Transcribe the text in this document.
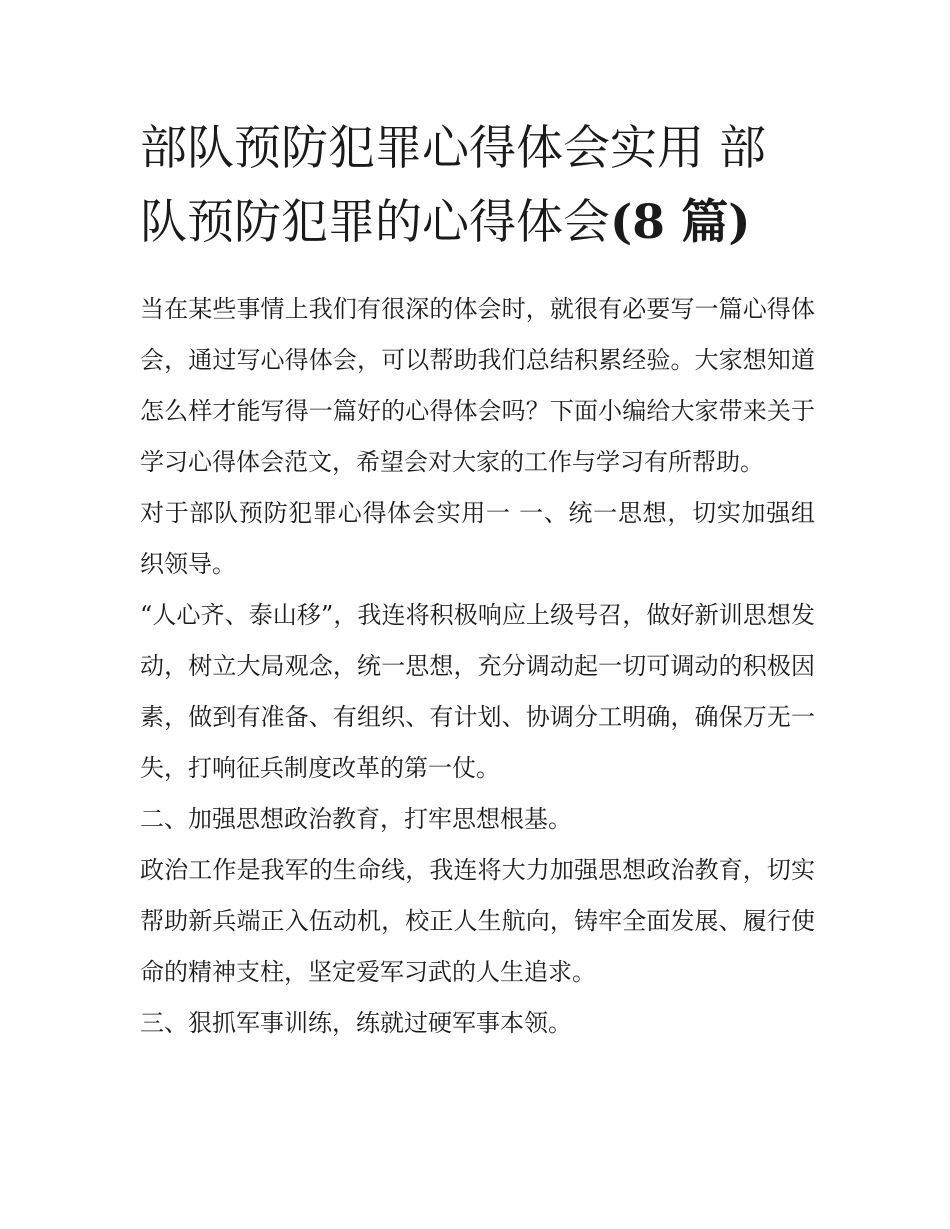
部队预防犯罪心得体会实用 部
队预防犯罪的心得体会(8 篇)

当在某些事情上我们有很深的体会时，就很有必要写一篇心得体会，通过写心得体会，可以帮助我们总结积累经验。大家想知道怎么样才能写得一篇好的心得体会吗？下面小编给大家带来关于学习心得体会范文，希望会对大家的工作与学习有所帮助。

对于部队预防犯罪心得体会实用一 一、统一思想，切实加强组织领导。

“人心齐、泰山移”，我连将积极响应上级号召，做好新训思想发动，树立大局观念，统一思想，充分调动起一切可调动的积极因素，做到有准备、有组织、有计划、协调分工明确，确保万无一失，打响征兵制度改革的第一仗。

二、加强思想政治教育，打牢思想根基。

政治工作是我军的生命线，我连将大力加强思想政治教育，切实帮助新兵端正入伍动机，校正人生航向，铸牢全面发展、履行使命的精神支柱，坚定爱军习武的人生追求。

三、狠抓军事训练，练就过硬军事本领。
